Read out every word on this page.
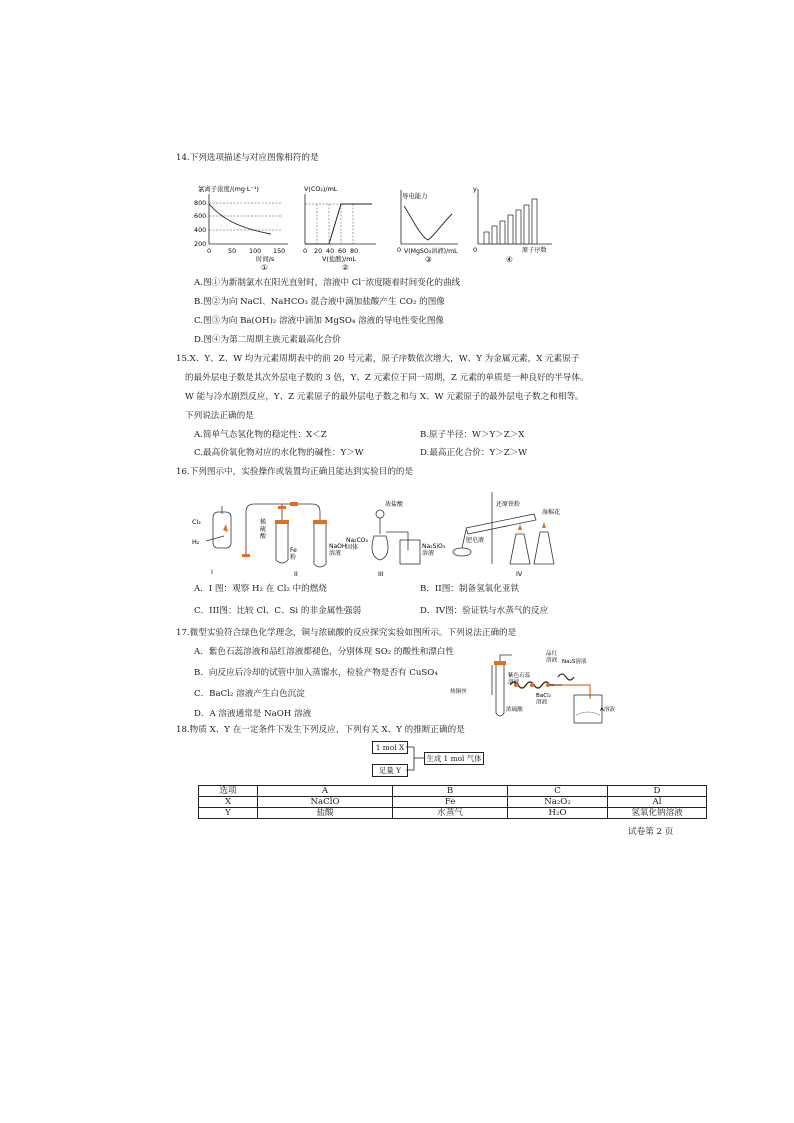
14.下列选项描述与对应图像相符的是
氯离子浓度/(mg·L⁻¹)
800
600
400
200
0	50 100 150
时间/s
①
V(CO₂)/mL
0 20 40 60 80
V(盐酸)/mL
②
导电能力
0 V(MgSO₄溶液)/mL
③
y
0	原子序数
④
A.图①为新制氯水在阳光直射时，溶液中 Cl⁻浓度随着时间变化的曲线
B.图②为向 NaCl、NaHCO₃ 混合液中滴加盐酸产生 CO₂ 的图像
C.图③为向 Ba(OH)₂ 溶液中滴加 MgSO₄ 溶液的导电性变化图像
D.图④为第二周期主族元素最高化合价
15.X、Y、Z、W 均为元素周期表中的前 20 号元素，原子序数依次增大，W、Y 为金属元素，X 元素原子
的最外层电子数是其次外层电子数的 3 倍，Y、Z 元素位于同一周期，Z 元素的单质是一种良好的半导体。
W 能与冷水剧烈反应，Y、Z 元素原子的最外层电子数之和与 X、W 元素原子的最外层电子数之和相等。
下列说法正确的是
A.简单气态氢化物的稳定性：X＜Z	B.原子半径：W＞Y＞Z＞X
C.最高价氧化物对应的水化物的碱性：Y＞W	D.最高正化合价：Y＞Z＞W
16.下列图示中，实验操作或装置均正确且能达到实验目的的是
Cl₂
H₂
I
稀硫酸
Fe 粉
NaOH 溶液
II
浓盐酸
Na₂CO₃ 固体	Na₂SiO₃ 溶液
III
还原铁粉
湿棉花
肥皂液
IV
A．I 图：观察 H₂ 在 Cl₂ 中的燃烧	B．II图：制备氢氧化亚铁
C．III图：比较 Cl、C、Si 的非金属性强弱	D．IV图：验证铁与水蒸气的反应
17.微型实验符合绿色化学理念，铜与浓硫酸的反应探究实验如图所示。下列说法正确的是
A．紫色石蕊溶液和品红溶液都褪色，分别体现 SO₂ 的酸性和漂白性
B．向反应后冷却的试管中加入蒸馏水，检验产物是否有 CuSO₄
C．BaCl₂ 溶液产生白色沉淀
D．A 溶液通常是 NaOH 溶液
品红溶液 Na₂S溶液
热铜丝
紫色石蕊溶液
BaCl₂ 溶液
浓硫酸	A溶液
18.物质 X、Y 在一定条件下发生下列反应，下列有关 X、Y 的推断正确的是
1 mol X
足量 Y
生成 1 mol 气体
选项	A	B	C	D
X	NaClO	Fe	Na₂O₂	Al
Y	盐酸	水蒸气	H₂O	氢氧化钠溶液
试卷第 2 页
